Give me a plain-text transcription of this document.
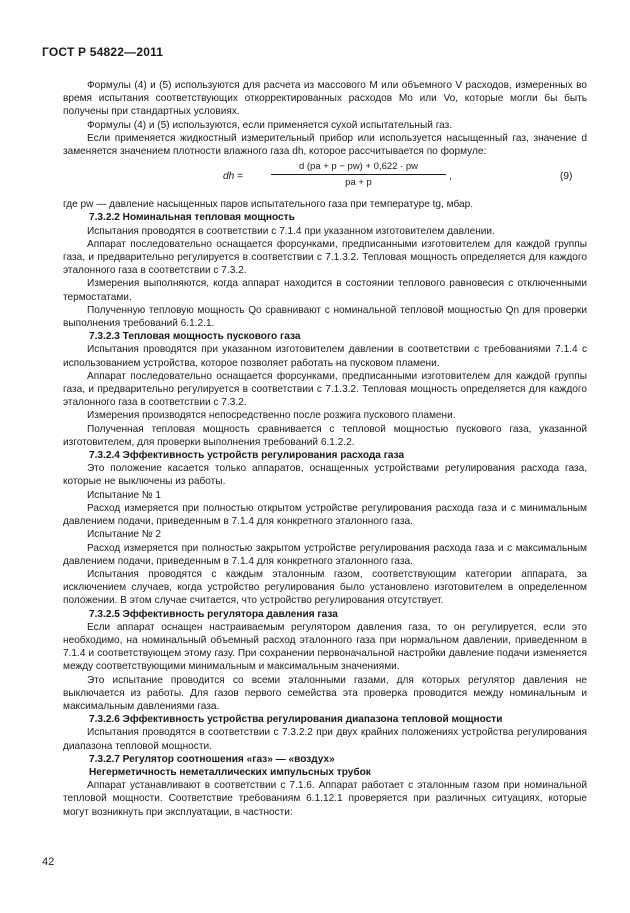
ГОСТ Р 54822—2011

Формулы (4) и (5) используются для расчета из массового M или объемного V расходов, измеренных во время испытания соответствующих откорректированных расходов Mo или Vo, которые могли бы быть получены при стандартных условиях.

Формулы (4) и (5) используются, если применяется сухой испытательный газ.

Если применяется жидкостный измерительный прибор или используется насыщенный газ, значение d заменяется значением плотности влажного газа dh, которое рассчитывается по формуле:

dh =	$\frac{d (pa + p - pw) + 0,622 \cdot pw}{pa + p}$ ,	(9)

где pw — давление насыщенных паров испытательного газа при температуре tg, мбар.

7.3.2.2 Номинальная тепловая мощность

Испытания проводятся в соответствии с 7.1.4 при указанном изготовителем давлении.

Аппарат последовательно оснащается форсунками, предписанными изготовителем для каждой группы газа, и предварительно регулируется в соответствии с 7.1.3.2. Тепловая мощность определяется для каждого эталонного газа в соответствии с 7.3.2.

Измерения выполняются, когда аппарат находится в состоянии теплового равновесия с отключенными термостатами.

Полученную тепловую мощность Qo сравнивают с номинальной тепловой мощностью Qn для проверки выполнения требований 6.1.2.1.

7.3.2.3 Тепловая мощность пускового газа

Испытания проводятся при указанном изготовителем давлении в соответствии с требованиями 7.1.4 с использованием устройства, которое позволяет работать на пусковом пламени.

Аппарат последовательно оснащается форсунками, предписанными изготовителем для каждой группы газа, и предварительно регулируется в соответствии с 7.1.3.2. Тепловая мощность определяется для каждого эталонного газа в соответствии с 7.3.2.

Измерения производятся непосредственно после розжига пускового пламени.

Полученная тепловая мощность сравнивается с тепловой мощностью пускового газа, указанной изготовителем, для проверки выполнения требований 6.1.2.2.

7.3.2.4 Эффективность устройств регулирования расхода газа

Это положение касается только аппаратов, оснащенных устройствами регулирования расхода газа, которые не выключены из работы.

Испытание № 1

Расход измеряется при полностью открытом устройстве регулирования расхода газа и с минимальным давлением подачи, приведенным в 7.1.4 для конкретного эталонного газа.

Испытание № 2

Расход измеряется при полностью закрытом устройстве регулирования расхода газа и с максимальным давлением подачи, приведенным в 7.1.4 для конкретного эталонного газа.

Испытания проводятся с каждым эталонным газом, соответствующим категории аппарата, за исключением случаев, когда устройство регулирования было установлено изготовителем в определенном положении. В этом случае считается, что устройство регулирования отсутствует.

7.3.2.5 Эффективность регулятора давления газа

Если аппарат оснащен настраиваемым регулятором давления газа, то он регулируется, если это необходимо, на номинальный объемный расход эталонного газа при нормальном давлении, приведенном в 7.1.4 и соответствующем этому газу. При сохранении первоначальной настройки давление подачи изменяется между соответствующими минимальным и максимальным значениями.

Это испытание проводится со всеми эталонными газами, для которых регулятор давления не выключается из работы. Для газов первого семейства эта проверка проводится между номинальным и максимальным давлениями газа.

7.3.2.6 Эффективность устройства регулирования диапазона тепловой мощности

Испытания проводятся в соответствии с 7.3.2.2 при двух крайних положениях устройства регулирования диапазона тепловой мощности.

7.3.2.7 Регулятор соотношения «газ» — «воздух»

Негерметичность неметаллических импульсных трубок

Аппарат устанавливают в соответствии с 7.1.6. Аппарат работает с эталонным газом при номинальной тепловой мощности. Соответствие требованиям 6.1.12.1 проверяется при различных ситуациях, которые могут возникнуть при эксплуатации, в частности:

42
